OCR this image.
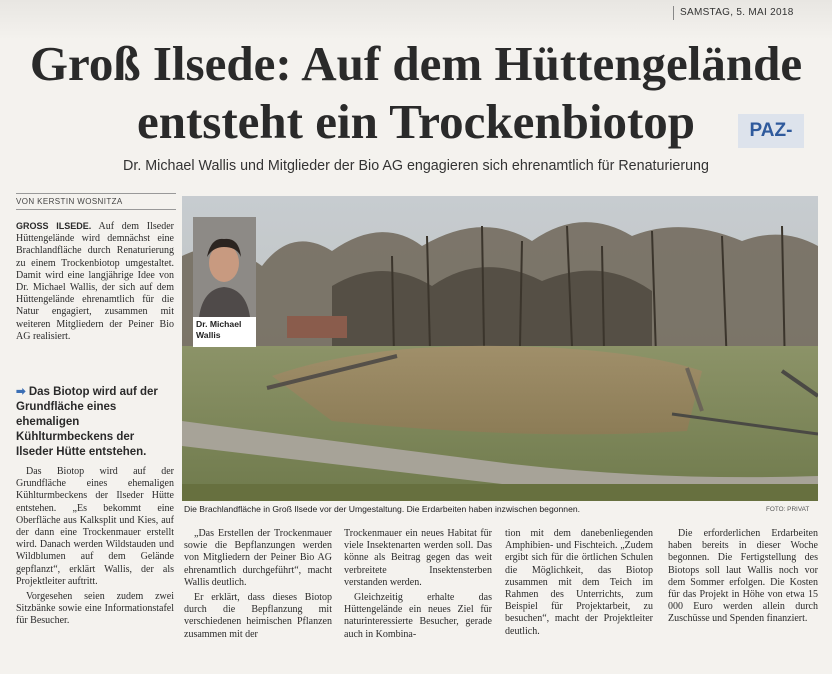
SAMSTAG, 5. MAI 2018
Groß Ilsede: Auf dem Hüttengelände
entsteht ein Trockenbiotop	PAZ-
Dr. Michael Wallis und Mitglieder der Bio AG engagieren sich ehrenamtlich für Renaturierung
VON KERSTIN WOSNITZA

GROSS ILSEDE. Auf dem Ilseder Hüttengelände wird demnächst eine Brachlandfläche durch Renaturierung zu einem Trockenbiotop umgestaltet. Damit wird eine langjährige Idee von Dr. Michael Wallis, der sich auf dem Hüttengelände ehrenamtlich für die Natur engagiert, zusammen mit weiteren Mitgliedern der Peiner Bio AG realisiert.

➡ Das Biotop wird auf der Grundfläche eines ehemaligen Kühlturmbeckens der Ilseder Hütte entstehen.

Das Biotop wird auf der Grundfläche eines ehemaligen Kühlturmbeckens der Ilseder Hütte entstehen. „Es bekommt eine Oberfläche aus Kalksplit und Kies, auf der dann eine Trockenmauer erstellt wird. Danach werden Wildstauden und Wildblumen auf dem Gelände gepflanzt“, erklärt Wallis, der als Projektleiter auftritt.

Vorgesehen seien zudem zwei Sitzbänke sowie eine Informationstafel für Besucher.

Dr. Michael Wallis
Die Brachlandfläche in Groß Ilsede vor der Umgestaltung. Die Erdarbeiten haben inzwischen begonnen.	FOTO: PRIVAT

„Das Erstellen der Trockenmauer sowie die Bepflanzungen werden von Mitgliedern der Peiner Bio AG ehrenamtlich durchgeführt“, macht Wallis deutlich.

Er erklärt, dass dieses Biotop durch die Bepflanzung mit verschiedenen heimischen Pflanzen zusammen mit der

Trockenmauer ein neues Habitat für viele Insektenarten werden soll. Das könne als Beitrag gegen das weit verbreitete Insektensterben verstanden werden.

Gleichzeitig erhalte das Hüttengelände ein neues Ziel für naturinteressierte Besucher, gerade auch in Kombina-

tion mit dem danebenliegenden Amphibien- und Fischteich. „Zudem ergibt sich für die örtlichen Schulen die Möglichkeit, das Biotop zusammen mit dem Teich im Rahmen des Unterrichts, zum Beispiel für Projektarbeit, zu besuchen“, macht der Projektleiter deutlich.

Die erforderlichen Erdarbeiten haben bereits in dieser Woche begonnen. Die Fertigstellung des Biotops soll laut Wallis noch vor dem Sommer erfolgen. Die Kosten für das Projekt in Höhe von etwa 15 000 Euro werden allein durch Zuschüsse und Spenden finanziert.
